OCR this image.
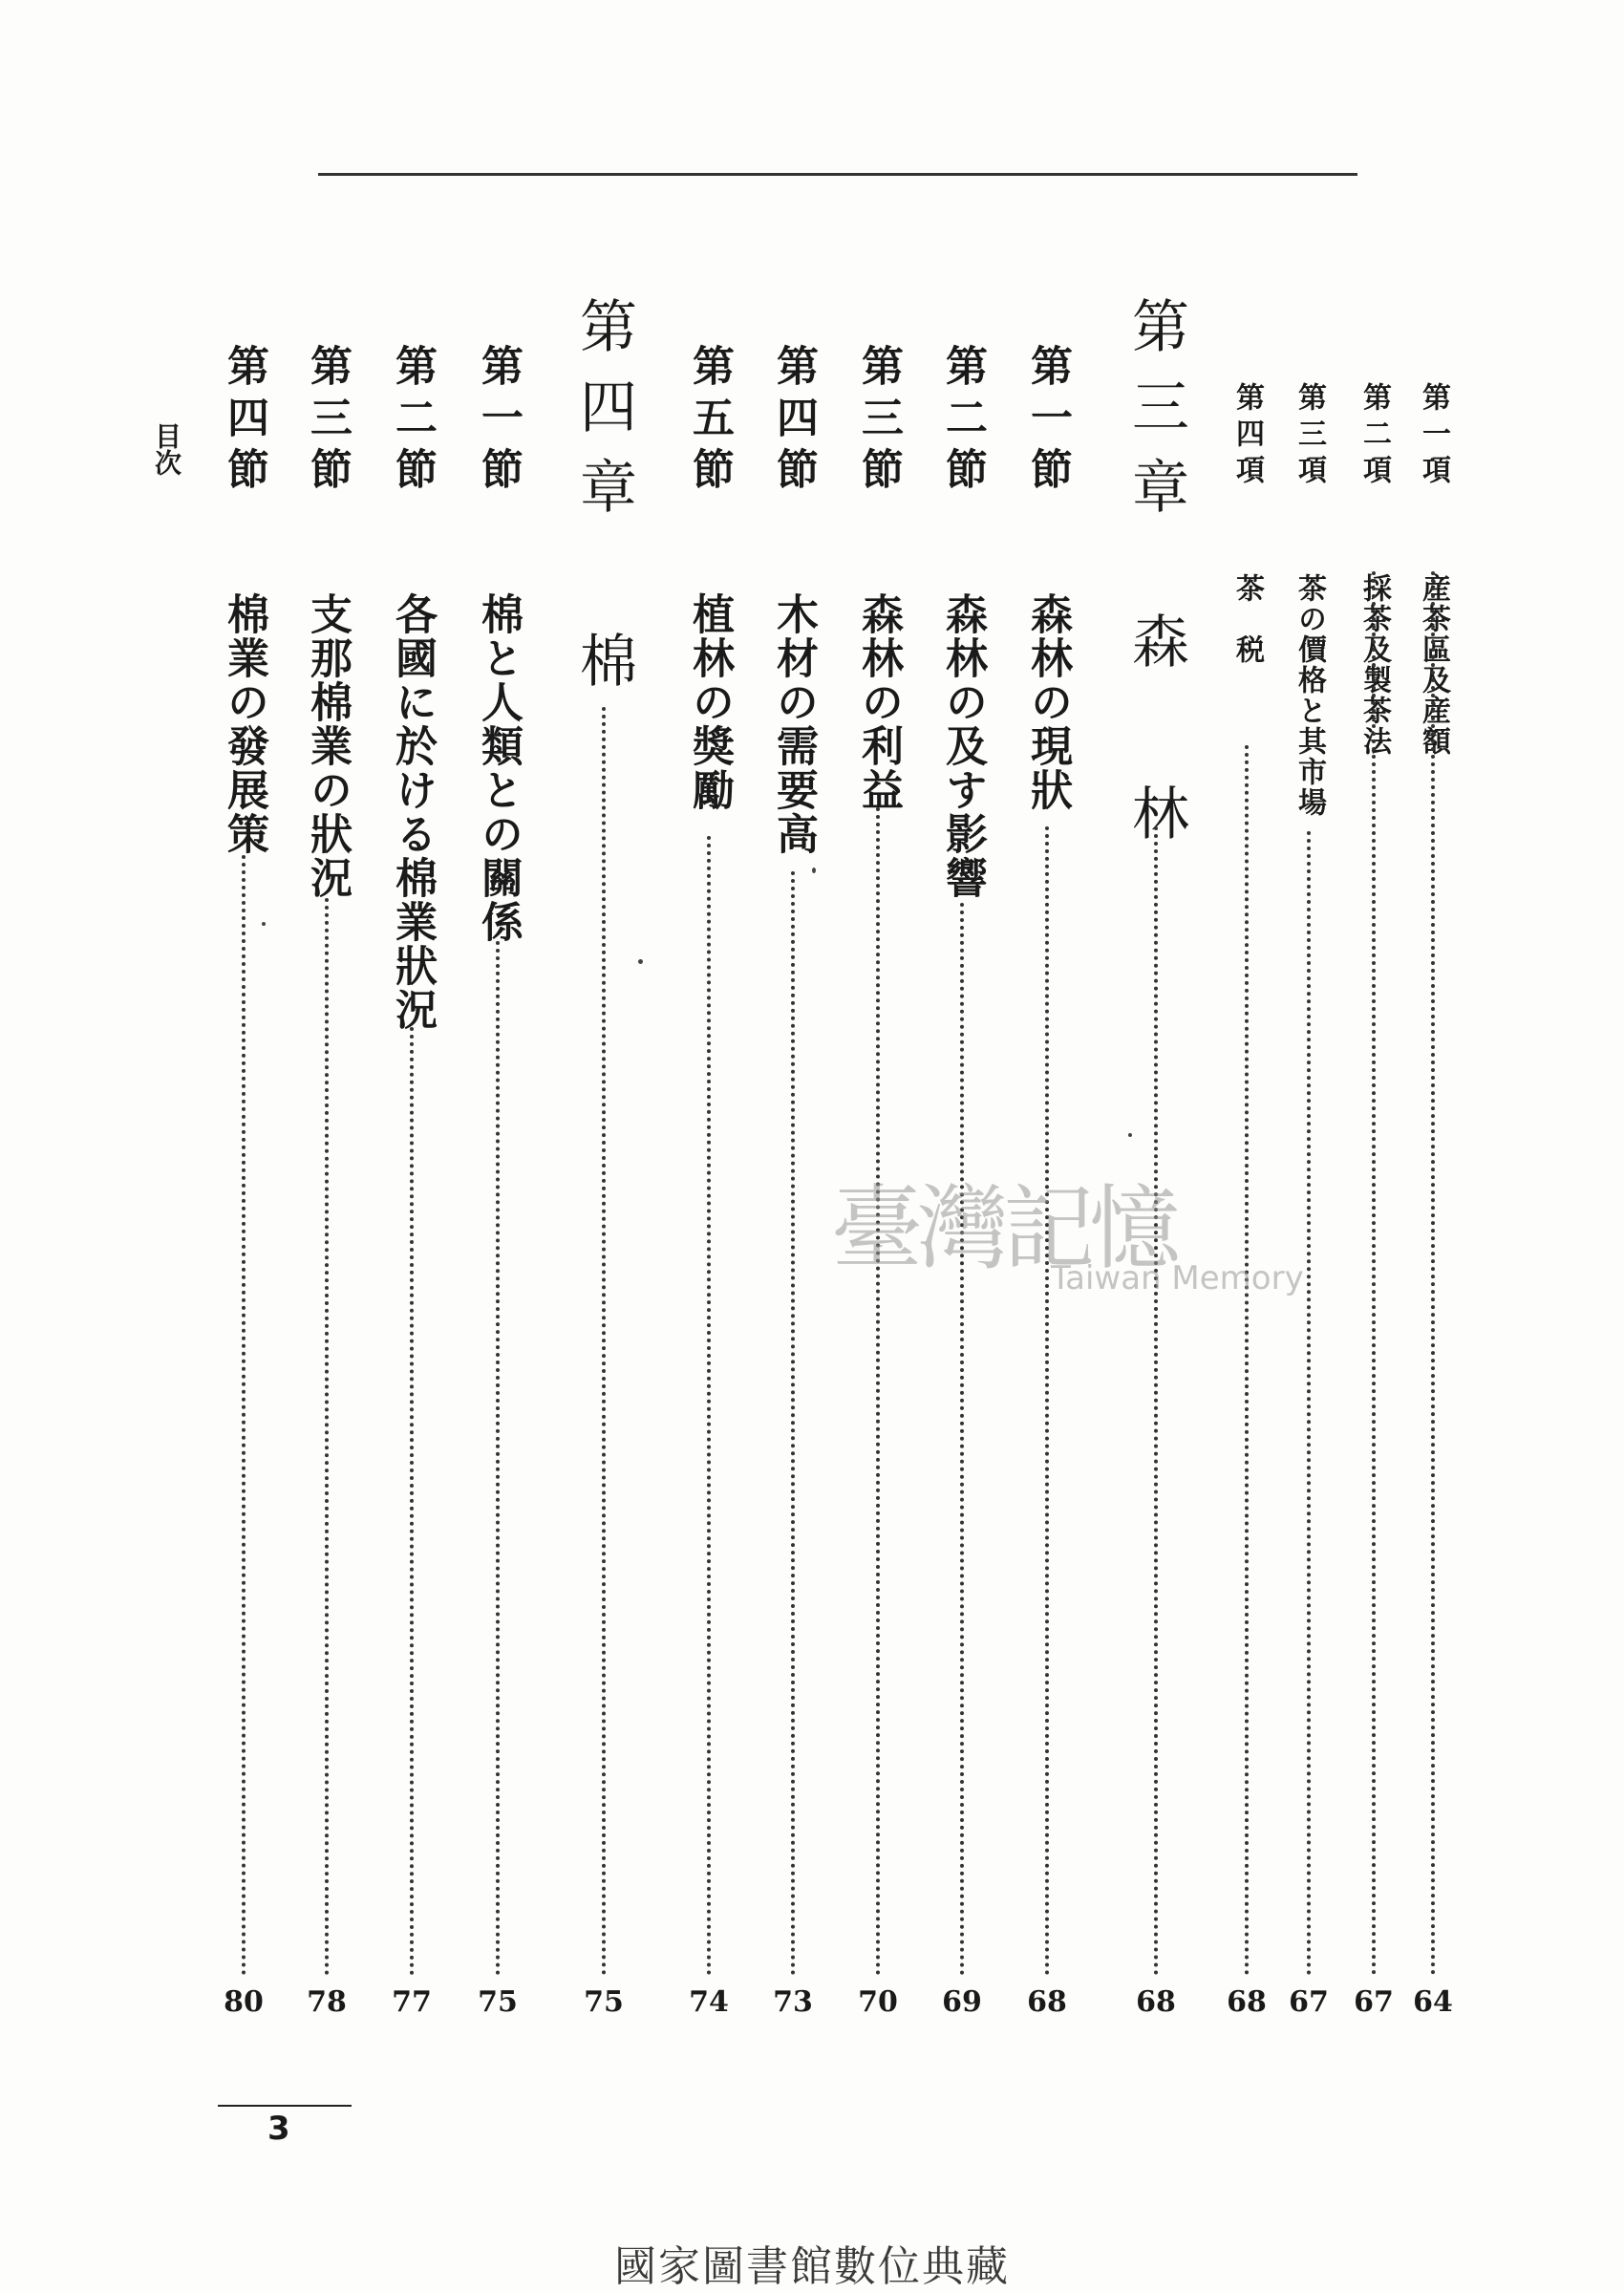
目次	第一項
産茶區及産額
64
第二項
採茶及製茶法
67
第三項
茶の價格と其市場
67
第四項
茶　税
68
第三章
森　林
68
第一節
森林の現狀
68
第二節
森林の及す影響
69
第三節
森林の利益
70
第四節
木材の需要高
73
第五節
植林の獎勵
74
第四章
棉
75
第一節
棉と人類との關係
75
第二節
各國に於ける棉業狀況
77
第三節
支那棉業の狀況
78
第四節
棉業の發展策
80
3
臺灣記憶
Taiwan Memory
國家圖書館數位典藏
